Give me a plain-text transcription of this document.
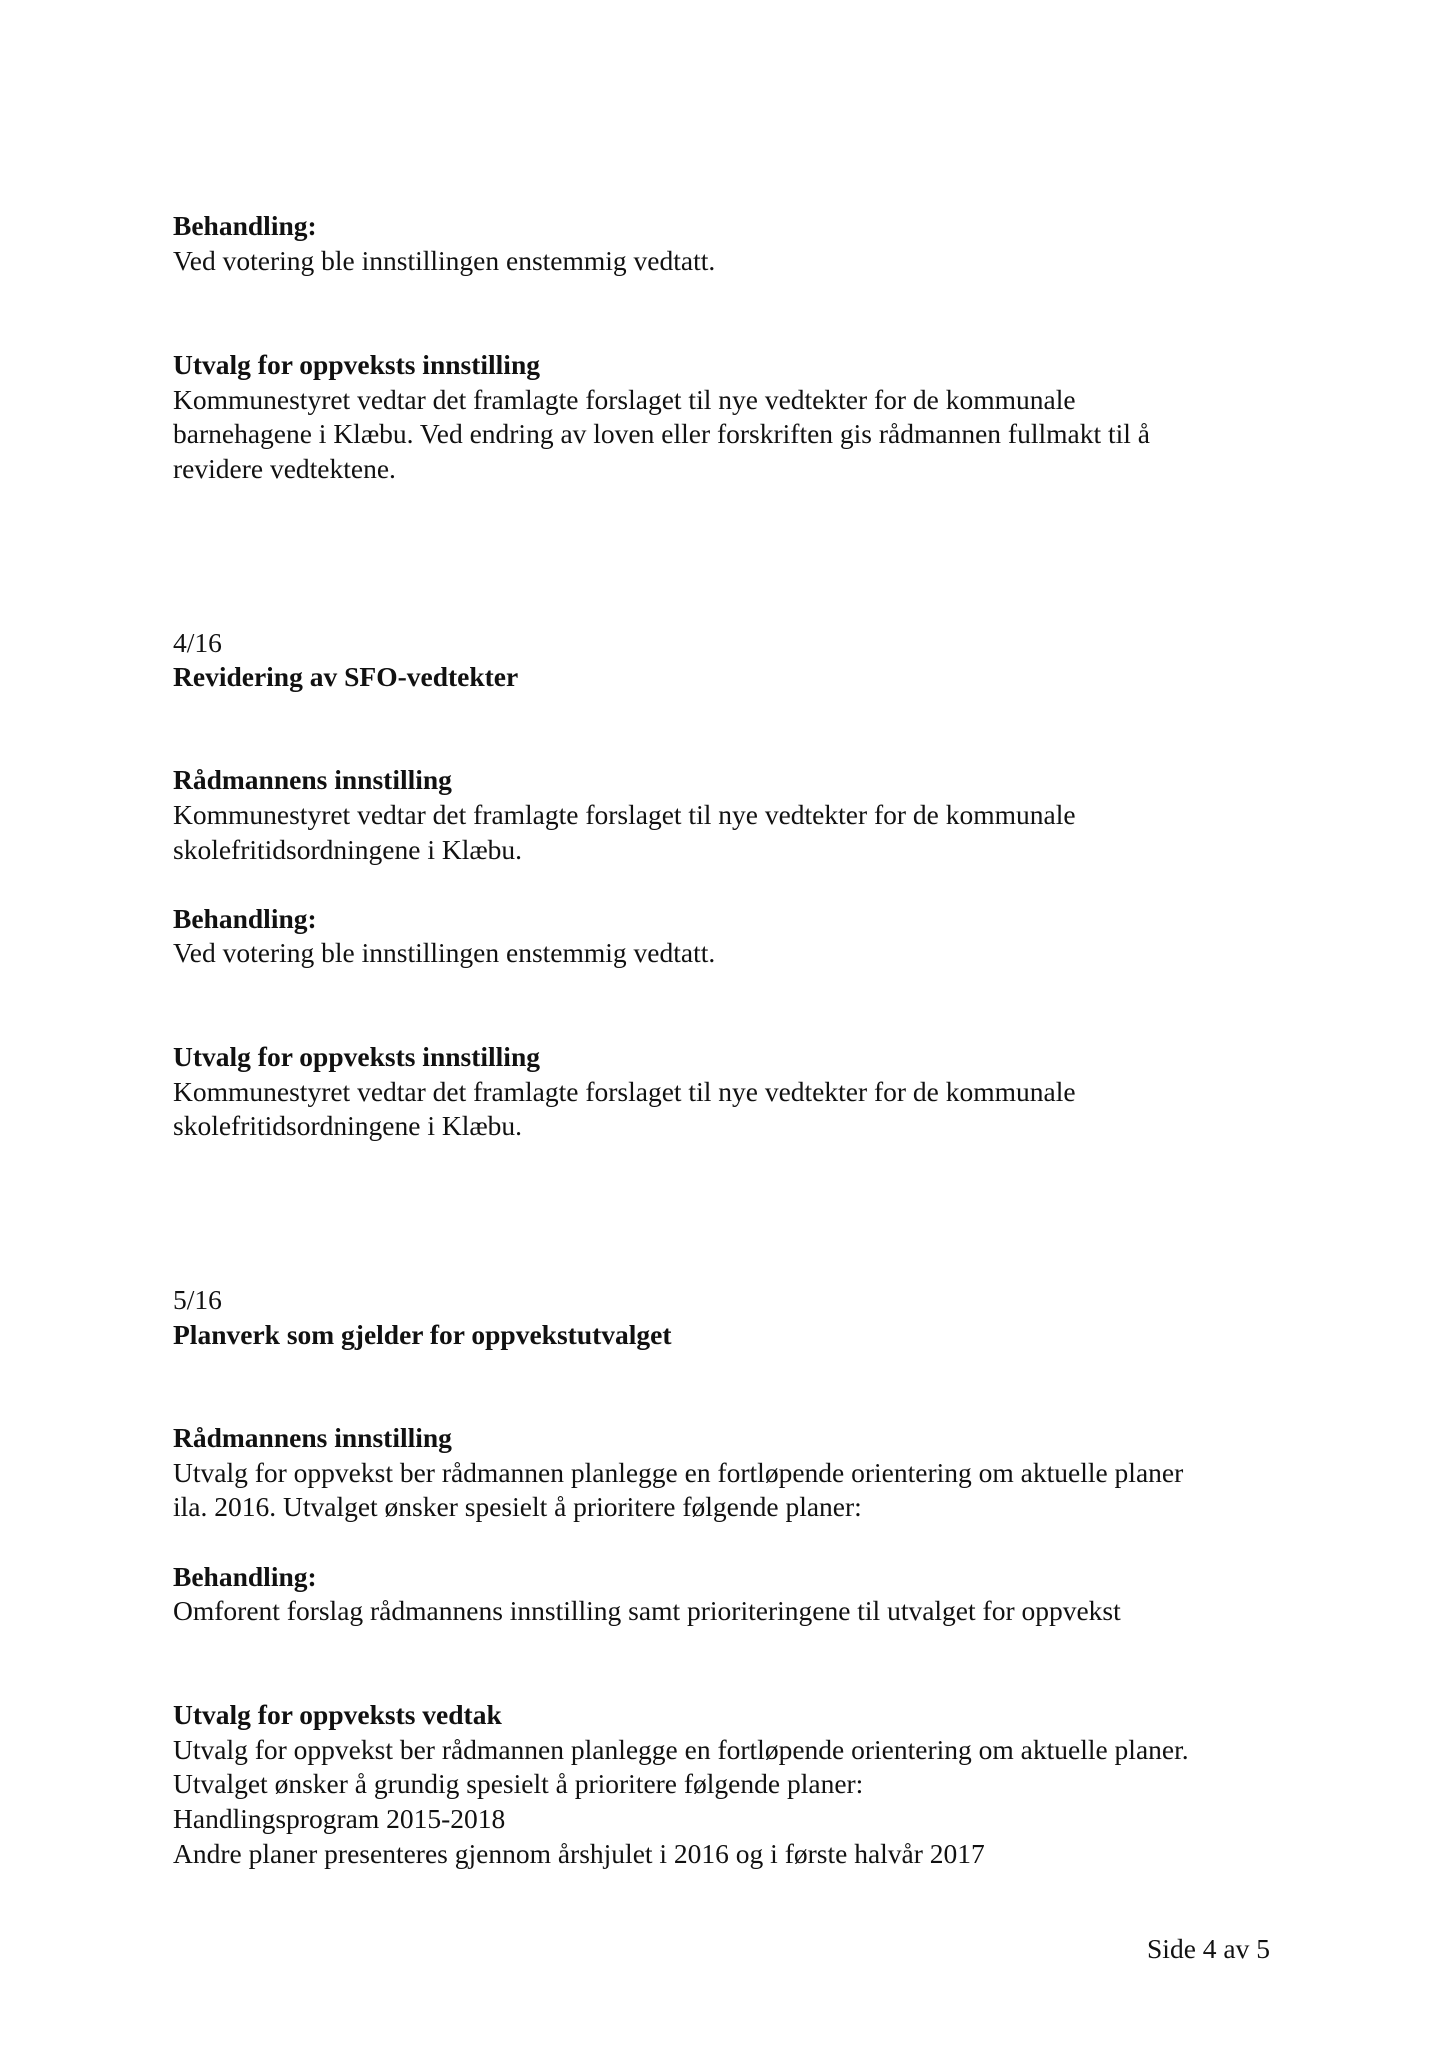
Behandling:
Ved votering ble innstillingen enstemmig vedtatt.
Utvalg for oppveksts innstilling
Kommunestyret vedtar det framlagte forslaget til nye vedtekter for de kommunale
barnehagene i Klæbu. Ved endring av loven eller forskriften gis rådmannen fullmakt til å
revidere vedtektene.
4/16
Revidering av SFO-vedtekter
Rådmannens innstilling
Kommunestyret vedtar det framlagte forslaget til nye vedtekter for de kommunale
skolefritidsordningene i Klæbu.
Behandling:
Ved votering ble innstillingen enstemmig vedtatt.
Utvalg for oppveksts innstilling
Kommunestyret vedtar det framlagte forslaget til nye vedtekter for de kommunale
skolefritidsordningene i Klæbu.
5/16
Planverk som gjelder for oppvekstutvalget
Rådmannens innstilling
Utvalg for oppvekst ber rådmannen planlegge en fortløpende orientering om aktuelle planer
ila. 2016. Utvalget ønsker spesielt å prioritere følgende planer:
Behandling:
Omforent forslag rådmannens innstilling samt prioriteringene til utvalget for oppvekst
Utvalg for oppveksts vedtak
Utvalg for oppvekst ber rådmannen planlegge en fortløpende orientering om aktuelle planer.
Utvalget ønsker å grundig spesielt å prioritere følgende planer:
Handlingsprogram 2015-2018
Andre planer presenteres gjennom årshjulet i 2016 og i første halvår 2017
Side 4 av 5
